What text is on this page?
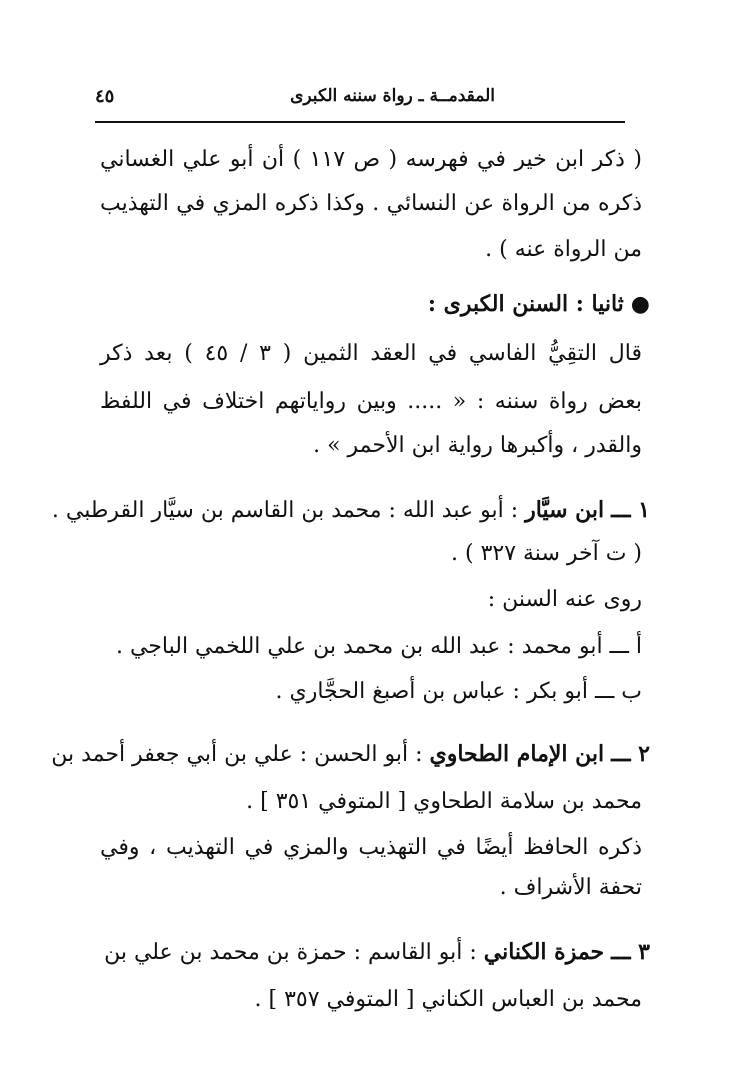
المقدمــة ـ رواة سننه الكبرى
٤٥
( ذكر ابن خير في فهرسه ( ص ١١٧ ) أن أبو علي الغساني
ذكره من الرواة عن النسائي . وكذا ذكره المزي في التهذيب
من الرواة عنه ) .
● ثانيا : السنن الكبرى :
قال التقِيُّ الفاسي في العقد الثمين ( ٣ / ٤٥ ) بعد ذكر
بعض رواة سننه : « ..... وبين رواياتهم اختلاف في اللفظ
والقدر ، وأكبرها رواية ابن الأحمر » .
١ ـــ ابن سيَّار : أبو عبد الله : محمد بن القاسم بن سيَّار القرطبي .
( ت آخر سنة ٣٢٧ ) .
روى عنه السنن :
أ ـــ أبو محمد : عبد الله بن محمد بن علي اللخمي الباجي .
ب ـــ أبو بكر : عباس بن أصبغ الحجَّاري .
٢ ـــ ابن الإمام الطحاوي : أبو الحسن : علي بن أبي جعفر أحمد بن
محمد بن سلامة الطحاوي [ المتوفي ٣٥١ ] .
ذكره الحافظ أيضًا في التهذيب والمزي في التهذيب ، وفي
تحفة الأشراف .
٣ ـــ حمزة الكناني : أبو القاسم : حمزة بن محمد بن علي بن
محمد بن العباس الكناني [ المتوفي ٣٥٧ ] .
